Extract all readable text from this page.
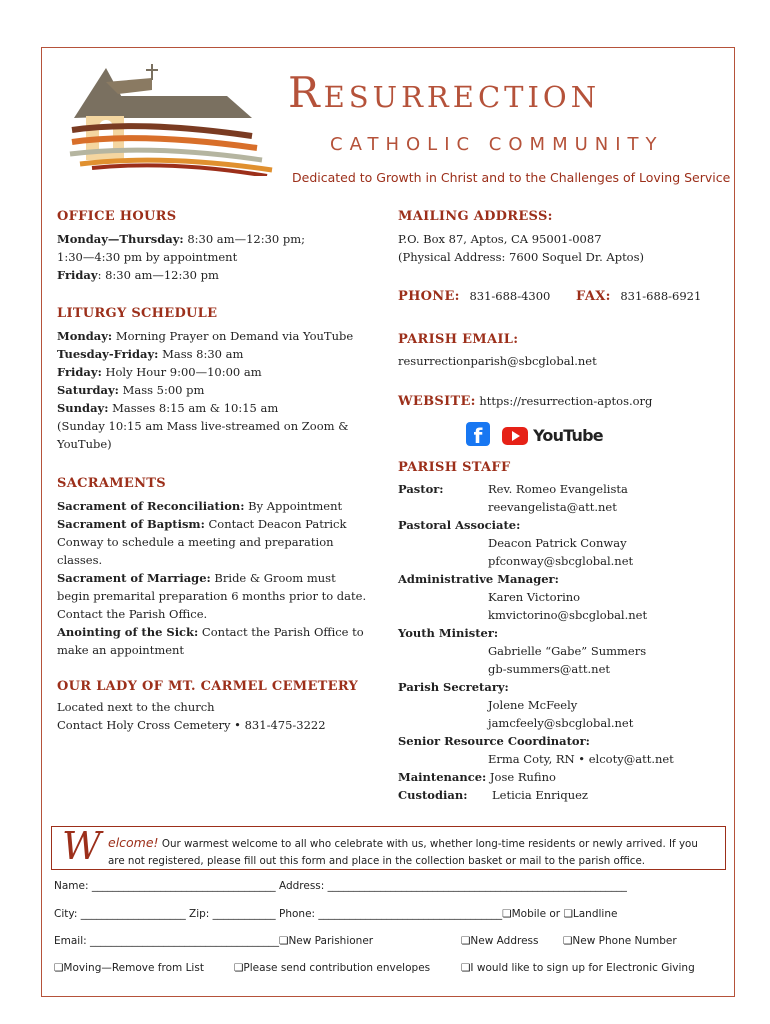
Resurrection
CATHOLIC COMMUNITY
Dedicated to Growth in Christ and to the Challenges of Loving Service
OFFICE HOURS
Monday—Thursday: 8:30 am—12:30 pm;
1:30—4:30 pm by appointment
Friday: 8:30 am—12:30 pm
LITURGY SCHEDULE
Monday: Morning Prayer on Demand via YouTube
Tuesday-Friday: Mass 8:30 am
Friday: Holy Hour 9:00—10:00 am
Saturday: Mass 5:00 pm
Sunday: Masses 8:15 am & 10:15 am
(Sunday 10:15 am Mass live-streamed on Zoom &
YouTube)
SACRAMENTS
Sacrament of Reconciliation: By Appointment
Sacrament of Baptism: Contact Deacon Patrick
Conway to schedule a meeting and preparation
classes.
Sacrament of Marriage: Bride & Groom must
begin premarital preparation 6 months prior to date.
Contact the Parish Office.
Anointing of the Sick: Contact the Parish Office to
make an appointment
OUR LADY OF MT. CARMEL CEMETERY
Located next to the church
Contact Holy Cross Cemetery • 831-475-3222
MAILING ADDRESS:
P.O. Box 87, Aptos, CA 95001-0087
(Physical Address: 7600 Soquel Dr. Aptos)
PHONE: 831-688-4300 FAX: 831-688-6921
PARISH EMAIL:
resurrectionparish@sbcglobal.net
WEBSITE: https://resurrection-aptos.org
f	YouTube
PARISH STAFF
Pastor:	Rev. Romeo Evangelista
reevangelista@att.net
Pastoral Associate:
Deacon Patrick Conway
pfconway@sbcglobal.net
Administrative Manager:
Karen Victorino
kmvictorino@sbcglobal.net
Youth Minister:
Gabrielle “Gabe” Summers
gb-summers@att.net
Parish Secretary:
Jolene McFeely
jamcfeely@sbcglobal.net
Senior Resource Coordinator:
Erma Coty, RN • elcoty@att.net
Maintenance: Jose Rufino
Custodian: Leticia Enriquez
W elcome! Our warmest welcome to all who celebrate with us, whether long-time residents or newly arrived. If you
are not registered, please fill out this form and place in the collection basket or mail to the parish office.
Name: ___________________________________ Address: _________________________________________________________
City: ____________________ Zip: ____________ Phone: ___________________________________❏Mobile or ❏Landline
Email: ____________________________________❏New Parishioner	❏New Address ❏New Phone Number
❏Moving—Remove from List	❏Please send contribution envelopes	❏I would like to sign up for Electronic Giving
